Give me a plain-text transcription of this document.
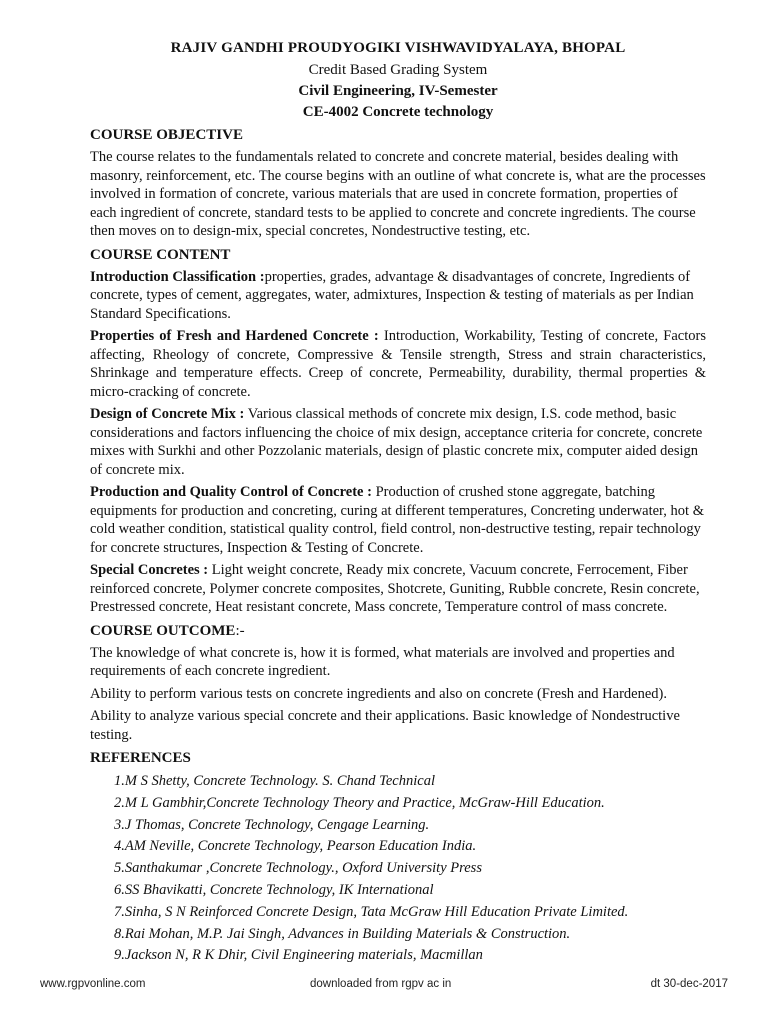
RAJIV GANDHI PROUDYOGIKI VISHWAVIDYALAYA, BHOPAL
Credit Based Grading System
Civil Engineering, IV-Semester
CE-4002 Concrete technology
COURSE OBJECTIVE

The course relates to the fundamentals related to concrete and concrete material, besides dealing with masonry, reinforcement, etc. The course begins with an outline of what concrete is, what are the processes involved in formation of concrete, various materials that are used in concrete formation, properties of each ingredient of concrete, standard tests to be applied to concrete and concrete ingredients. The course then moves on to design-mix, special concretes, Nondestructive testing, etc.

COURSE CONTENT

Introduction Classification :properties, grades, advantage & disadvantages of concrete, Ingredients of concrete, types of cement, aggregates, water, admixtures, Inspection & testing of materials as per Indian Standard Specifications.

Properties of Fresh and Hardened Concrete : Introduction, Workability, Testing of concrete, Factors affecting, Rheology of concrete, Compressive & Tensile strength, Stress and strain characteristics, Shrinkage and temperature effects. Creep of concrete, Permeability, durability, thermal properties & micro-cracking of concrete.

Design of Concrete Mix : Various classical methods of concrete mix design, I.S. code method, basic considerations and factors influencing the choice of mix design, acceptance criteria for concrete, concrete mixes with Surkhi and other Pozzolanic materials, design of plastic concrete mix, computer aided design of concrete mix.

Production and Quality Control of Concrete : Production of crushed stone aggregate, batching equipments for production and concreting, curing at different temperatures, Concreting underwater, hot & cold weather condition, statistical quality control, field control, non-destructive testing, repair technology for concrete structures, Inspection & Testing of Concrete.

Special Concretes : Light weight concrete, Ready mix concrete, Vacuum concrete, Ferrocement, Fiber reinforced concrete, Polymer concrete composites, Shotcrete, Guniting, Rubble concrete, Resin concrete, Prestressed concrete, Heat resistant concrete, Mass concrete, Temperature control of mass concrete.

COURSE OUTCOME:-

The knowledge of what concrete is, how it is formed, what materials are involved and properties and requirements of each concrete ingredient.

Ability to perform various tests on concrete ingredients and also on concrete (Fresh and Hardened).

Ability to analyze various special concrete and their applications. Basic knowledge of Nondestructive testing.

REFERENCES
1.M S Shetty, Concrete Technology. S. Chand Technical
2.M L Gambhir,Concrete Technology Theory and Practice, McGraw-Hill Education.
3.J Thomas, Concrete Technology, Cengage Learning.
4.AM Neville, Concrete Technology, Pearson Education India.
5.Santhakumar ,Concrete Technology., Oxford University Press
6.SS Bhavikatti, Concrete Technology, IK International
7.Sinha, S N Reinforced Concrete Design, Tata McGraw Hill Education Private Limited.
8.Rai Mohan, M.P. Jai Singh, Advances in Building Materials & Construction.
9.Jackson N, R K Dhir, Civil Engineering materials, Macmillan
www.rgpvonline.com	downloaded from rgpv ac in	dt 30-dec-2017
